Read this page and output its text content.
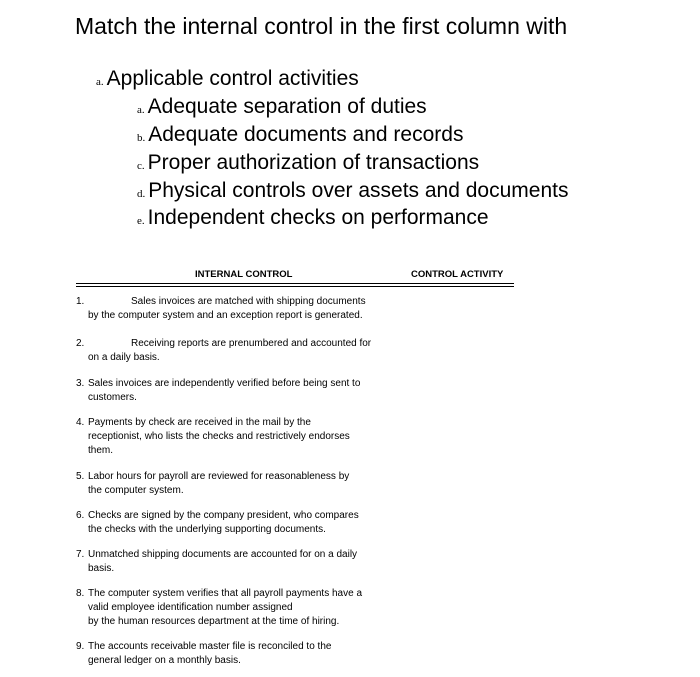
Match the internal control in the first column with
a. Applicable control activities
a. Adequate separation of duties
b. Adequate documents and records
c. Proper authorization of transactions
d. Physical controls over assets and documents
e. Independent checks on performance
INTERNAL CONTROL	CONTROL ACTIVITY
1.	Sales invoices are matched with shipping documents
by the computer system and an exception report is generated.
2.	Receiving reports are prenumbered and accounted for
on a daily basis.
3. Sales invoices are independently verified before being sent to
customers.
4. Payments by check are received in the mail by the
receptionist, who lists the checks and restrictively endorses
them.
5. Labor hours for payroll are reviewed for reasonableness by
the computer system.
6. Checks are signed by the company president, who compares
the checks with the underlying supporting documents.
7. Unmatched shipping documents are accounted for on a daily
basis.
8. The computer system verifies that all payroll payments have a
valid employee identification number assigned
by the human resources department at the time of hiring.
9. The accounts receivable master file is reconciled to the
general ledger on a monthly basis.
